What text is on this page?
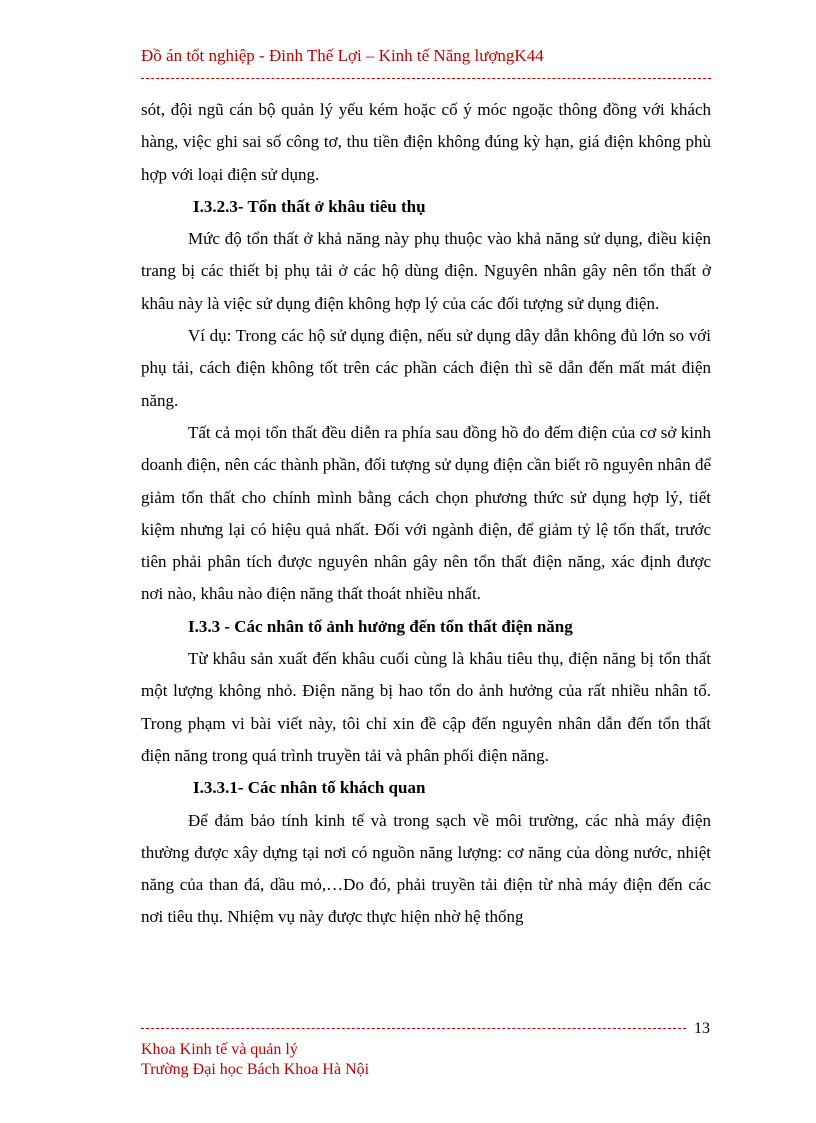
Đồ án tốt nghiệp - Đinh Thế Lợi – Kinh tế Năng lượngK44

sót, đội ngũ cán bộ quản lý yếu kém hoặc cố ý móc ngoặc thông đồng với khách hàng, việc ghi sai số công tơ, thu tiền điện không đúng kỳ hạn, giá điện không phù hợp với loại điện sử dụng.

I.3.2.3- Tổn thất ở khâu tiêu thụ

Mức độ tổn thất ở khả năng này phụ thuộc vào khả năng sử dụng, điều kiện trang bị các thiết bị phụ tải ở các hộ dùng điện. Nguyên nhân gây nên tổn thất ở khâu này là việc sử dụng điện không hợp lý của các đối tượng sử dụng điện.

Ví dụ: Trong các hộ sử dụng điện, nếu sử dụng dây dẫn không đủ lớn so với phụ tải, cách điện không tốt trên các phần cách điện thì sẽ dẫn đến mất mát điện năng.

Tất cả mọi tổn thất đều diễn ra phía sau đồng hồ đo đếm điện của cơ sở kinh doanh điện, nên các thành phần, đối tượng sử dụng điện cần biết rõ nguyên nhân để giảm tổn thất cho chính mình bằng cách chọn phương thức sử dụng hợp lý, tiết kiệm nhưng lại có hiệu quả nhất. Đối với ngành điện, để giảm tỷ lệ tổn thất, trước tiên phải phân tích được nguyên nhân gây nên tổn thất điện năng, xác định được nơi nào, khâu nào điện năng thất thoát nhiều nhất.

I.3.3 - Các nhân tố ảnh hưởng đến tổn thất điện năng

Từ khâu sản xuất đến khâu cuối cùng là khâu tiêu thụ, điện năng bị tổn thất một lượng không nhỏ. Điện năng bị hao tổn do ảnh hưởng của rất nhiều nhân tố. Trong phạm vi bài viết này, tôi chỉ xin đề cập đến nguyên nhân dẫn đến tổn thất điện năng trong quá trình truyền tải và phân phối điện năng.

I.3.3.1- Các nhân tố khách quan

Để đảm bảo tính kinh tế và trong sạch về môi trường, các nhà máy điện thường được xây dựng tại nơi có nguồn năng lượng: cơ năng của dòng nước, nhiệt năng của than đá, dầu mỏ,…Do đó, phải truyền tải điện từ nhà máy điện đến các nơi tiêu thụ. Nhiệm vụ này được thực hiện nhờ hệ thống

13
Khoa Kinh tế và quản lý
Trường Đại học Bách Khoa Hà Nội
